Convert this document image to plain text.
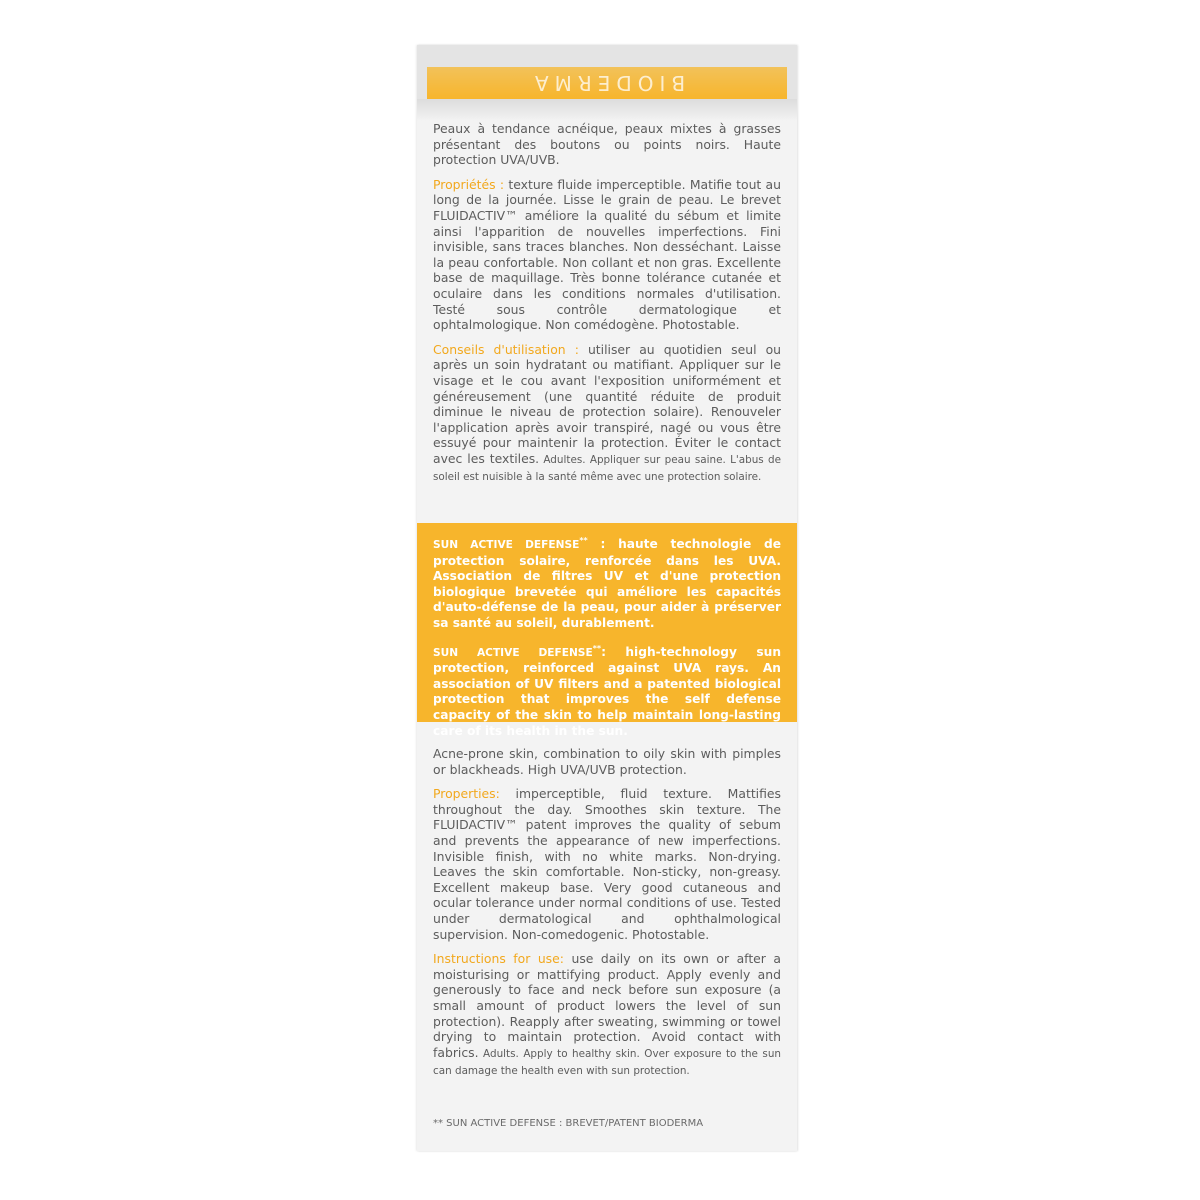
BIODERMA

Peaux à tendance acnéique, peaux mixtes à grasses présentant des boutons ou points noirs. Haute protection UVA/UVB.

Propriétés : texture fluide imperceptible. Matifie tout au long de la journée. Lisse le grain de peau. Le brevet FLUIDACTIV™ améliore la qualité du sébum et limite ainsi l'apparition de nouvelles imperfections. Fini invisible, sans traces blanches. Non desséchant. Laisse la peau confortable. Non collant et non gras. Excellente base de maquillage. Très bonne tolérance cutanée et oculaire dans les conditions normales d'utilisation. Testé sous contrôle dermatologique et ophtalmologique. Non comédogène. Photostable.

Conseils d'utilisation : utiliser au quotidien seul ou après un soin hydratant ou matifiant. Appliquer sur le visage et le cou avant l'exposition uniformément et généreusement (une quantité réduite de produit diminue le niveau de protection solaire). Renouveler l'application après avoir transpiré, nagé ou vous être essuyé pour maintenir la protection. Éviter le contact avec les textiles. Adultes. Appliquer sur peau saine. L'abus de soleil est nuisible à la santé même avec une protection solaire.

SUN ACTIVE DEFENSE** : haute technologie de protection solaire, renforcée dans les UVA. Association de filtres UV et d'une protection biologique brevetée qui améliore les capacités d'auto-défense de la peau, pour aider à préserver sa santé au soleil, durablement.

SUN ACTIVE DEFENSE**: high-technology sun protection, reinforced against UVA rays. An association of UV filters and a patented biological protection that improves the self defense capacity of the skin to help maintain long-lasting care of its health in the sun.

Acne-prone skin, combination to oily skin with pimples or blackheads. High UVA/UVB protection.

Properties: imperceptible, fluid texture. Mattifies throughout the day. Smoothes skin texture. The FLUIDACTIV™ patent improves the quality of sebum and prevents the appearance of new imperfections. Invisible finish, with no white marks. Non-drying. Leaves the skin comfortable. Non-sticky, non-greasy. Excellent makeup base. Very good cutaneous and ocular tolerance under normal conditions of use. Tested under dermatological and ophthalmological supervision. Non-comedogenic. Photostable.

Instructions for use: use daily on its own or after a moisturising or mattifying product. Apply evenly and generously to face and neck before sun exposure (a small amount of product lowers the level of sun protection). Reapply after sweating, swimming or towel drying to maintain protection. Avoid contact with fabrics. Adults. Apply to healthy skin. Over exposure to the sun can damage the health even with sun protection.

** SUN ACTIVE DEFENSE : BREVET/PATENT BIODERMA
